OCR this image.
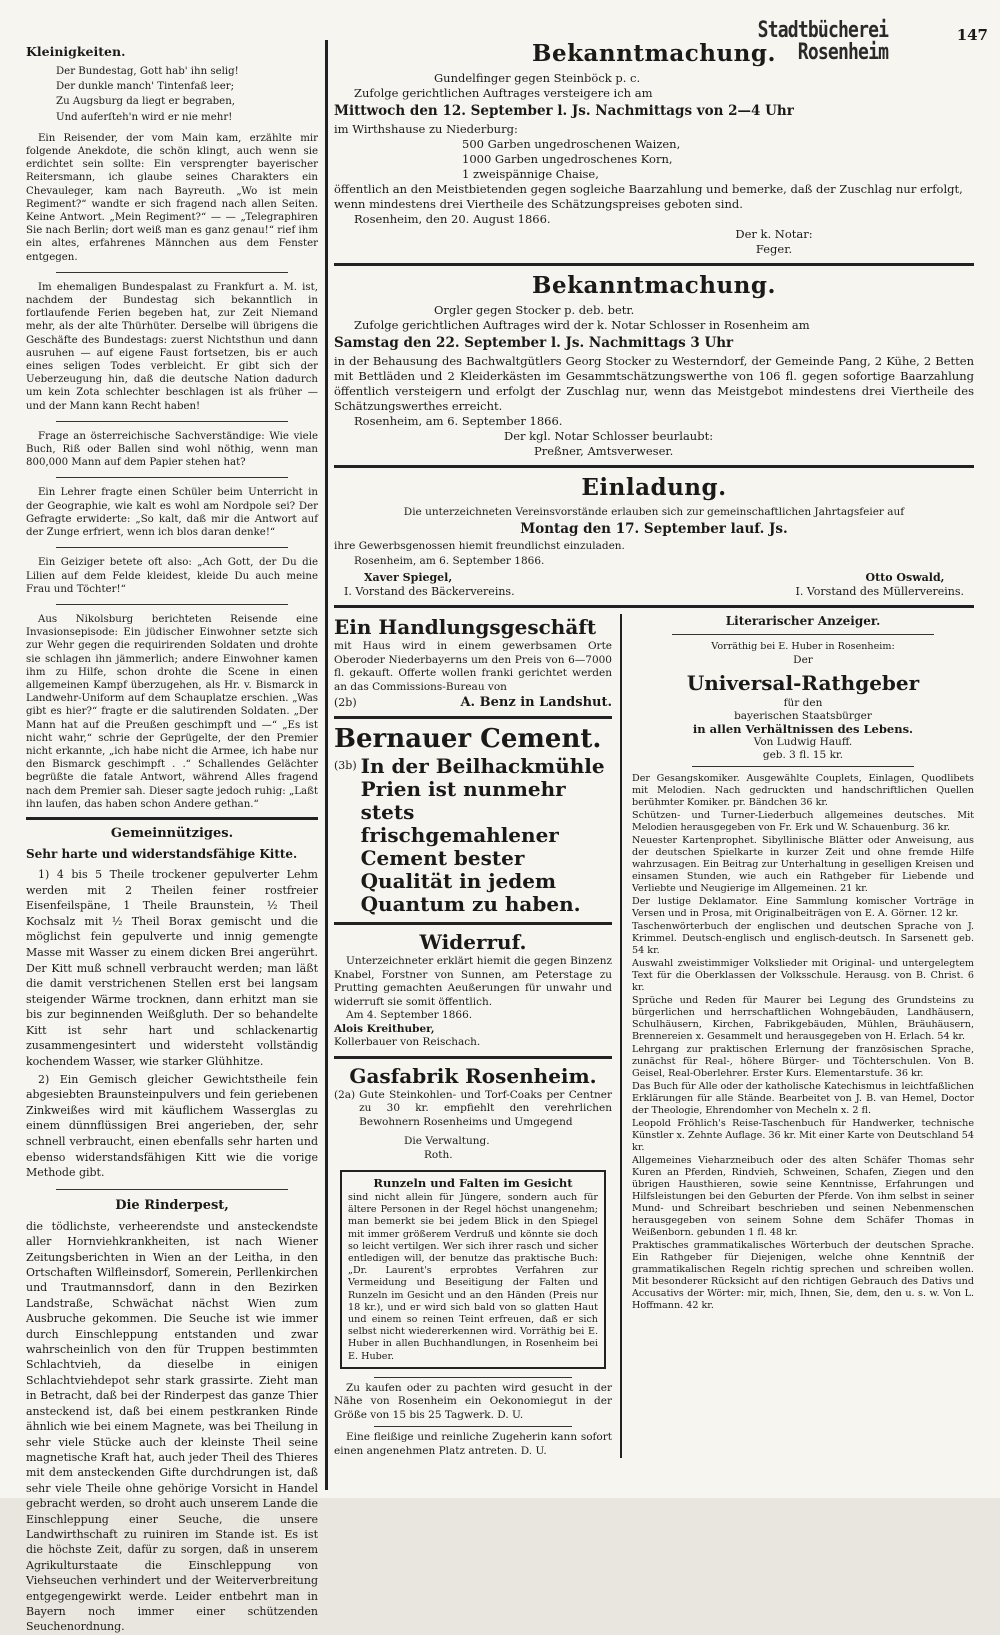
Stadtbücherei
Rosenheim
147
Kleinigkeiten.
Der Bundestag, Gott hab' ihn selig!
Der dunkle manch' Tintenfaß leer;
Zu Augsburg da liegt er begraben,
Und auferſteh'n wird er nie mehr!

Ein Reisender, der vom Main kam, erzählte mir folgende Anekdote, die schön klingt, auch wenn sie erdichtet sein sollte: Ein versprengter bayerischer Reitersmann, ich glaube seines Charakters ein Chevauleger, kam nach Bayreuth. „Wo ist mein Regiment?“ wandte er sich fragend nach allen Seiten. Keine Antwort. „Mein Regiment?“ — — „Telegraphiren Sie nach Berlin; dort weiß man es ganz genau!“ rief ihm ein altes, erfahrenes Männchen aus dem Fenster entgegen.

Im ehemaligen Bundespalast zu Frankfurt a. M. ist, nachdem der Bundestag sich bekanntlich in fortlaufende Ferien begeben hat, zur Zeit Niemand mehr, als der alte Thürhüter. Derselbe will übrigens die Geschäfte des Bundestags: zuerst Nichtsthun und dann ausruhen — auf eigene Faust fortsetzen, bis er auch eines seligen Todes verbleicht. Er gibt sich der Ueberzeugung hin, daß die deutsche Nation dadurch um kein Zota schlechter beschlagen ist als früher — und der Mann kann Recht haben!

Frage an österreichische Sachverständige: Wie viele Buch, Riß oder Ballen sind wohl nöthig, wenn man 800,000 Mann auf dem Papier stehen hat?

Ein Lehrer fragte einen Schüler beim Unterricht in der Geographie, wie kalt es wohl am Nordpole sei? Der Gefragte erwiderte: „So kalt, daß mir die Antwort auf der Zunge erfriert, wenn ich blos daran denke!“

Ein Geiziger betete oft also: „Ach Gott, der Du die Lilien auf dem Felde kleidest, kleide Du auch meine Frau und Töchter!“

Aus Nikolsburg berichteten Reisende eine Invasionsepisode: Ein jüdischer Einwohner setzte sich zur Wehr gegen die requirirenden Soldaten und drohte sie schlagen ihn jämmerlich; andere Einwohner kamen ihm zu Hilfe, schon drohte die Scene in einen allgemeinen Kampf überzugehen, als Hr. v. Bismarck in Landwehr-Uniform auf dem Schauplatze erschien. „Was gibt es hier?“ fragte er die salutirenden Soldaten. „Der Mann hat auf die Preußen geschimpft und —“ „Es ist nicht wahr,“ schrie der Geprügelte, der den Premier nicht erkannte, „ich habe nicht die Armee, ich habe nur den Bismarck geschimpft . .“ Schallendes Gelächter begrüßte die fatale Antwort, während Alles fragend nach dem Premier sah. Dieser sagte jedoch ruhig: „Laßt ihn laufen, das haben schon Andere gethan.“

Gemeinnütziges.
Sehr harte und widerstandsfähige Kitte.

1) 4 bis 5 Theile trockener gepulverter Lehm werden mit 2 Theilen feiner rostfreier Eisenfeilspäne, 1 Theile Braunstein, ½ Theil Kochsalz mit ½ Theil Borax gemischt und die möglichst fein gepulverte und innig gemengte Masse mit Wasser zu einem dicken Brei angerührt. Der Kitt muß schnell verbraucht werden; man läßt die damit verstrichenen Stellen erst bei langsam steigender Wärme trocknen, dann erhitzt man sie bis zur beginnenden Weißgluth. Der so behandelte Kitt ist sehr hart und schlackenartig zusammengesintert und widersteht vollständig kochendem Wasser, wie starker Glühhitze.

2) Ein Gemisch gleicher Gewichtstheile fein abgesiebten Braunsteinpulvers und fein geriebenen Zinkweißes wird mit käuflichem Wasserglas zu einem dünnflüssigen Brei angerieben, der, sehr schnell verbraucht, einen ebenfalls sehr harten und ebenso widerstandsfähigen Kitt wie die vorige Methode gibt.

Die Rinderpest,

die tödlichste, verheerendste und ansteckendste aller Hornviehkrankheiten, ist nach Wiener Zeitungsberichten in Wien an der Leitha, in den Ortschaften Wilfleinsdorf, Somerein, Perllenkirchen und Trautmannsdorf, dann in den Bezirken Landstraße, Schwächat nächst Wien zum Ausbruche gekommen. Die Seuche ist wie immer durch Einschleppung entstanden und zwar wahrscheinlich von den für Truppen bestimmten Schlachtvieh, da dieselbe in einigen Schlachtviehdepot sehr stark grassirte. Zieht man in Betracht, daß bei der Rinderpest das ganze Thier ansteckend ist, daß bei einem pestkranken Rinde ähnlich wie bei einem Magnete, was bei Theilung in sehr viele Stücke auch der kleinste Theil seine magnetische Kraft hat, auch jeder Theil des Thieres mit dem ansteckenden Gifte durchdrungen ist, daß sehr viele Theile ohne gehörige Vorsicht in Handel gebracht werden, so droht auch unserem Lande die Einschleppung einer Seuche, die unsere Landwirthschaft zu ruiniren im Stande ist. Es ist die höchste Zeit, dafür zu sorgen, daß in unserem Agrikulturstaate die Einschleppung von Viehseuchen verhindert und der Weiterverbreitung entgegengewirkt werde. Leider entbehrt man in Bayern noch immer einer schützenden Seuchenordnung.

Bekanntmachung.

Gundelfinger gegen Steinböck p. c.

Zufolge gerichtlichen Auftrages versteigere ich am

Mittwoch den 12. September l. Js. Nachmittags von 2—4 Uhr

im Wirthshause zu Niederburg:

500 Garben ungedroschenen Waizen,
1000 Garben ungedroschenes Korn,
1 zweispännige Chaise,

öffentlich an den Meistbietenden gegen sogleiche Baarzahlung und bemerke, daß der Zuschlag nur erfolgt, wenn mindestens drei Viertheile des Schätzungspreises geboten sind.

Rosenheim, den 20. August 1866.

Der k. Notar:

Feger.

Bekanntmachung.

Orgler gegen Stocker p. deb. betr.

Zufolge gerichtlichen Auftrages wird der k. Notar Schlosser in Rosenheim am

Samstag den 22. September l. Js. Nachmittags 3 Uhr

in der Behausung des Bachwaltgütlers Georg Stocker zu Westerndorf, der Gemeinde Pang, 2 Kühe, 2 Betten mit Bettläden und 2 Kleiderkästen im Gesammtschätzungswerthe von 106 fl. gegen sofortige Baarzahlung öffentlich versteigern und erfolgt der Zuschlag nur, wenn das Meistgebot mindestens drei Viertheile des Schätzungswerthes erreicht.

Rosenheim, am 6. September 1866.

Der kgl. Notar Schlosser beurlaubt:

Preßner, Amtsverweser.

Einladung.

Die unterzeichneten Vereinsvorstände erlauben sich zur gemeinschaftlichen Jahrtagsfeier auf

Montag den 17. September lauf. Js.

ihre Gewerbsgenossen hiemit freundlichst einzuladen.

Rosenheim, am 6. September 1866.

Xaver Spiegel,
I. Vorstand des Bäckervereins.
Otto Oswald,
I. Vorstand des Müllervereins.
Ein Handlungsgeschäft

mit Haus wird in einem gewerbsamen Orte Oberoder Niederbayerns um den Preis von 6—7000 fl. gekauft. Offerte wollen franki gerichtet werden an das Commissions-Bureau von

(2b)	A. Benz in Landshut.
Bernauer Cement.
(3b) In der Beilhackmühle Prien ist nunmehr stets frischgemahlener Cement bester Qualität in jedem Quantum zu haben.
Widerruf.

Unterzeichneter erklärt hiemit die gegen Binzenz Knabel, Forstner von Sunnen, am Peterstage zu Prutting gemachten Aeußerungen für unwahr und widerruft sie somit öffentlich.

Am 4. September 1866.

Alois Kreithuber,

Kollerbauer von Reischach.

Gasfabrik Rosenheim.
(2a) Gute Steinkohlen- und Torf-Coaks per Centner zu 30 kr. empfiehlt den verehrlichen Bewohnern Rosenheims und Umgegend

Die Verwaltung.

Roth.

Runzeln und Falten im Gesicht

sind nicht allein für Jüngere, sondern auch für ältere Personen in der Regel höchst unangenehm; man bemerkt sie bei jedem Blick in den Spiegel mit immer größerem Verdruß und könnte sie doch so leicht vertilgen. Wer sich ihrer rasch und sicher entledigen will, der benutze das praktische Buch: „Dr. Laurent's erprobtes Verfahren zur Vermeidung und Beseitigung der Falten und Runzeln im Gesicht und an den Händen (Preis nur 18 kr.), und er wird sich bald von so glatten Haut und einem so reinen Teint erfreuen, daß er sich selbst nicht wiedererkennen wird. Vorräthig bei E. Huber in allen Buchhandlungen, in Rosenheim bei E. Huber.

Zu kaufen oder zu pachten wird gesucht in der Nähe von Rosenheim ein Oekonomiegut in der Größe von 15 bis 25 Tagwerk. D. U.

Eine fleißige und reinliche Zugeherin kann sofort einen angenehmen Platz antreten. D. U.

Literarischer Anzeiger.

Vorräthig bei E. Huber in Rosenheim:

Der
Universal-Rathgeber
für den
bayerischen Staatsbürger
in allen Verhältnissen des Lebens.
Von Ludwig Hauff.
geb. 3 fl. 15 kr.

Der Gesangskomiker. Ausgewählte Couplets, Einlagen, Quodlibets mit Melodien. Nach gedruckten und handschriftlichen Quellen berühmter Komiker. pr. Bändchen 36 kr.

Schützen- und Turner-Liederbuch allgemeines deutsches. Mit Melodien herausgegeben von Fr. Erk und W. Schauenburg. 36 kr.

Neuester Kartenprophet. Sibyllinische Blätter oder Anweisung, aus der deutschen Spielkarte in kurzer Zeit und ohne fremde Hilfe wahrzusagen. Ein Beitrag zur Unterhaltung in geselligen Kreisen und einsamen Stunden, wie auch ein Rathgeber für Liebende und Verliebte und Neugierige im Allgemeinen. 21 kr.

Der lustige Deklamator. Eine Sammlung komischer Vorträge in Versen und in Prosa, mit Originalbeiträgen von E. A. Görner. 12 kr.

Taschenwörterbuch der englischen und deutschen Sprache von J. Krimmel. Deutsch-englisch und englisch-deutsch. In Sarsenett geb. 54 kr.

Auswahl zweistimmiger Volkslieder mit Original- und untergelegtem Text für die Oberklassen der Volksschule. Herausg. von B. Christ. 6 kr.

Sprüche und Reden für Maurer bei Legung des Grundsteins zu bürgerlichen und herrschaftlichen Wohngebäuden, Landhäusern, Schulhäusern, Kirchen, Fabrikgebäuden, Mühlen, Bräuhäusern, Brennereien x. Gesammelt und herausgegeben von H. Erlach. 54 kr.

Lehrgang zur praktischen Erlernung der französischen Sprache, zunächst für Real-, höhere Bürger- und Töchterschulen. Von B. Geisel, Real-Oberlehrer. Erster Kurs. Elementarstufe. 36 kr.

Das Buch für Alle oder der katholische Katechismus in leichtfaßlichen Erklärungen für alle Stände. Bearbeitet von J. B. van Hemel, Doctor der Theologie, Ehrendomher von Mecheln x. 2 fl.

Leopold Fröhlich's Reise-Taschenbuch für Handwerker, technische Künstler x. Zehnte Auflage. 36 kr. Mit einer Karte von Deutschland 54 kr.

Allgemeines Vieharzneibuch oder des alten Schäfer Thomas sehr Kuren an Pferden, Rindvieh, Schweinen, Schafen, Ziegen und den übrigen Hausthieren, sowie seine Kenntnisse, Erfahrungen und Hilfsleistungen bei den Geburten der Pferde. Von ihm selbst in seiner Mund- und Schreibart beschrieben und seinen Nebenmenschen herausgegeben von seinem Sohne dem Schäfer Thomas in Weißenborn. gebunden 1 fl. 48 kr.

Praktisches grammatikalisches Wörterbuch der deutschen Sprache. Ein Rathgeber für Diejenigen, welche ohne Kenntniß der grammatikalischen Regeln richtig sprechen und schreiben wollen. Mit besonderer Rücksicht auf den richtigen Gebrauch des Dativs und Accusativs der Wörter: mir, mich, Ihnen, Sie, dem, den u. s. w. Von L. Hoffmann. 42 kr.
